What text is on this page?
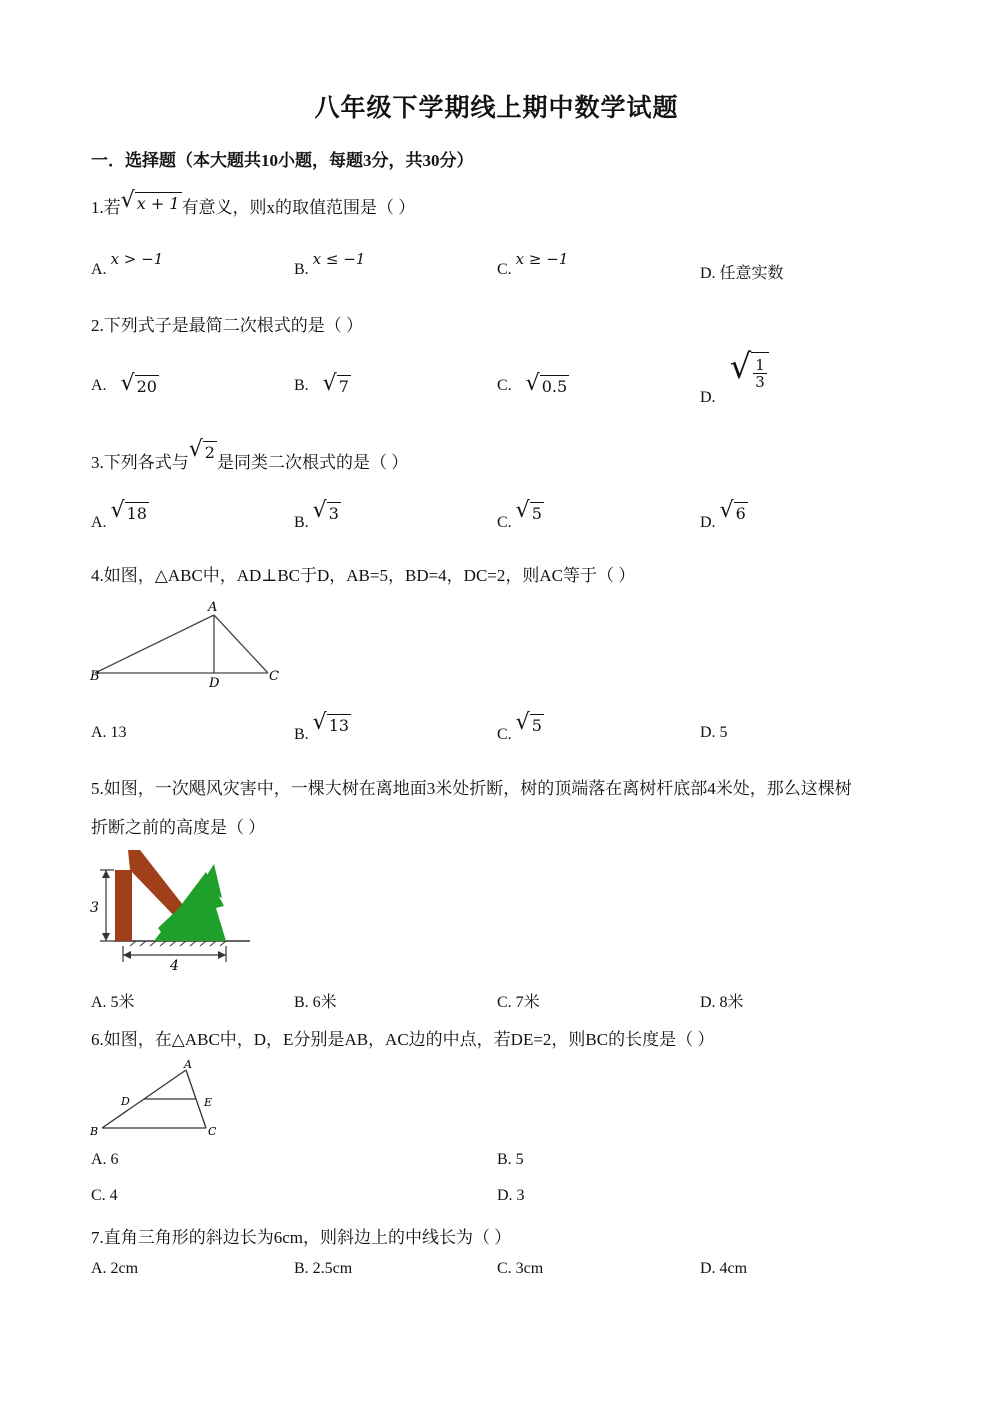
八年级下学期线上期中数学试题
一．选择题（本大题共10小题，每题3分，共30分）
1.若 √ x + 1 有意义，则x的取值范围是（ ）
A. x > −1
B. x ≤ −1
C. x ≥ −1
D. 任意实数
2.下列式子是最简二次根式的是（ ）
A. √ 20	B. √ 7	C. √ 0.5
D.
√ $\frac{1}{3}$
3.下列各式与
√ 2
是同类二次根式的是（ ）
A. √ 18	B. √ 3	C. √ 5	D. √ 6
4.如图，△ABC中，AD⊥BC于D，AB=5，BD=4，DC=2，则AC等于（ ）
A
B	C
D
A. 13	B. √ 13	C. √ 5	D. 5
5.如图，一次飓风灾害中，一棵大树在离地面3米处折断，树的顶端落在离树杆底部4米处，那么这棵树
折断之前的高度是（ ）
3
4
A. 5米	B. 6米	C. 7米	D. 8米
6.如图，在△ABC中，D，E分别是AB，AC边的中点，若DE=2，则BC的长度是（ ）
A
B	C
D	E
A. 6	B. 5
C. 4	D. 3
7.直角三角形的斜边长为6cm，则斜边上的中线长为（ ）
A. 2cm	B. 2.5cm	C. 3cm	D. 4cm
